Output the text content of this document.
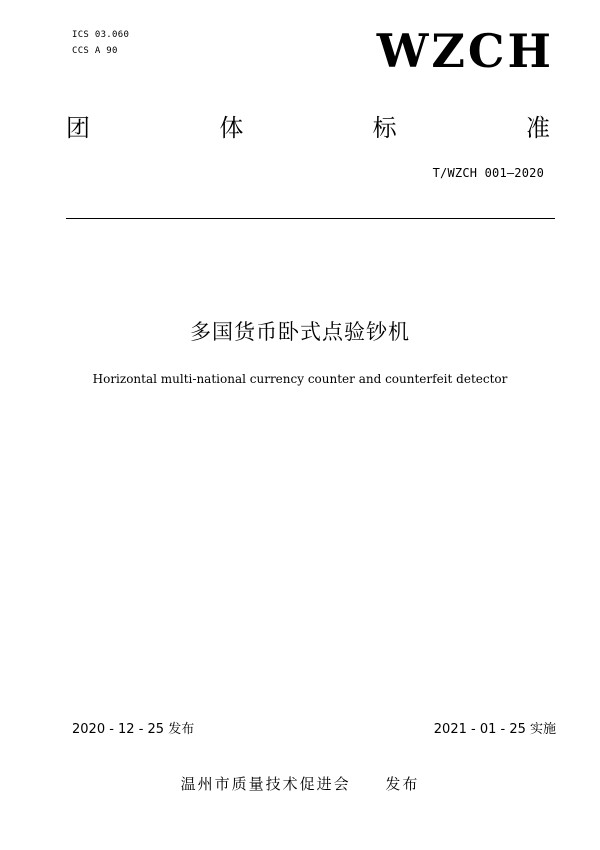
ICS 03.060
CCS A 90	WZCH
团	体	标	准
T/WZCH 001—2020
多国货币卧式点验钞机
Horizontal multi-national currency counter and counterfeit detector
2020 - 12 - 25 发布	2021 - 01 - 25 实施
温州市质量技术促进会 发布
